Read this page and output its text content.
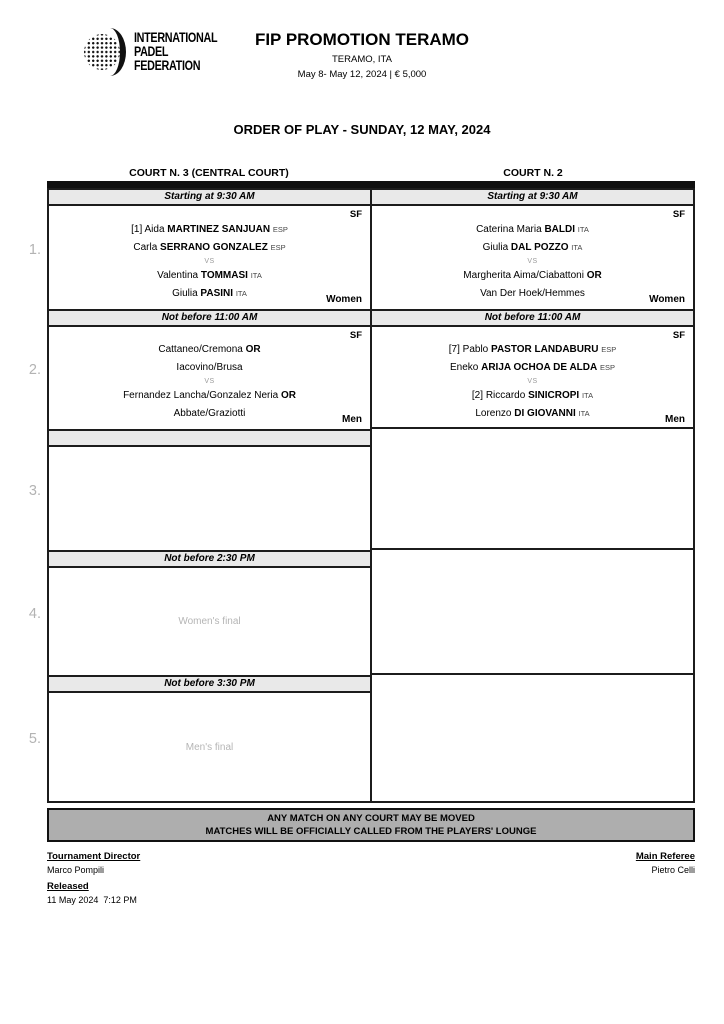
INTERNATIONAL
PADEL
FEDERATION
FIP PROMOTION TERAMO
TERAMO, ITA
May 8- May 12, 2024 | € 5,000
ORDER OF PLAY - SUNDAY, 12 MAY, 2024
COURT N. 3 (CENTRAL COURT)	COURT N. 2
1.
Starting at 9:30 AM
SF
[1] Aida MARTINEZ SANJUAN ESP
Carla SERRANO GONZALEZ ESP
VS
Valentina TOMMASI ITA
Giulia PASINI ITA
Women
Starting at 9:30 AM
SF
Caterina Maria BALDI ITA
Giulia DAL POZZO ITA
VS
Margherita Aima/Ciabattoni OR
Van Der Hoek/Hemmes
Women
2.
Not before 11:00 AM
SF
Cattaneo/Cremona OR
Iacovino/Brusa
VS
Fernandez Lancha/Gonzalez Neria OR
Abbate/Graziotti
Men
Not before 11:00 AM
SF
[7] Pablo PASTOR LANDABURU ESP
Eneko ARIJA OCHOA DE ALDA ESP
VS
[2] Riccardo SINICROPI ITA
Lorenzo DI GIOVANNI ITA
Men
3.
4.
Not before 2:30 PM
Women's final
5.
Not before 3:30 PM
Men's final
ANY MATCH ON ANY COURT MAY BE MOVED
MATCHES WILL BE OFFICIALLY CALLED FROM THE PLAYERS' LOUNGE
Tournament Director
Marco Pompili
Released
11 May 2024  7:12 PM
Main Referee
Pietro Celli
